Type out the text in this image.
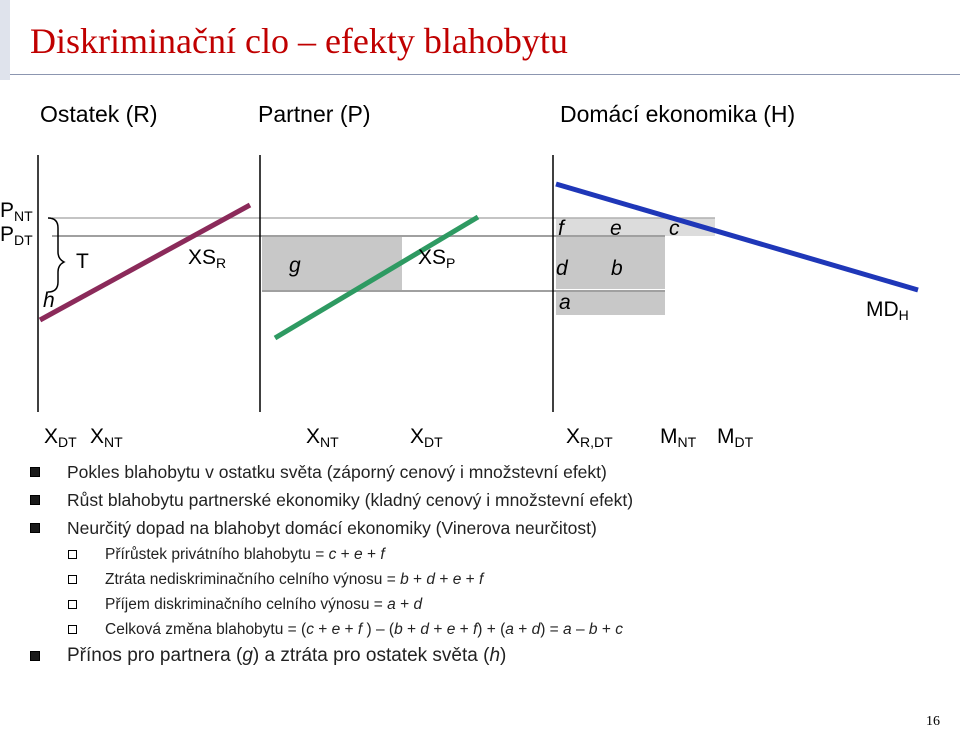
Diskriminační clo – efekty blahobytu
Ostatek (R)	Partner (P)	Domácí ekonomika (H)
$P_{NT}$
$P_{DT}$
T
h
$XS_R$	g	$XS_P$
f e c
d b
a	$MD_H$
$X_{DT}$ $X_{NT}$	$X_{NT}$	$X_{DT}$	$X_{R,DT}$ $M_{NT}$ $M_{DT}$
Pokles blahobytu v ostatku světa (záporný cenový i množstevní efekt)
Růst blahobytu partnerské ekonomiky (kladný cenový i množstevní efekt)
Neurčitý dopad na blahobyt domácí ekonomiky (Vinerova neurčitost)
Přírůstek privátního blahobytu = c + e + f
Ztráta nediskriminačního celního výnosu = b + d + e + f
Příjem diskriminačního celního výnosu = a + d
Celková změna blahobytu = (c + e + f ) – (b + d + e + f) + (a + d) = a – b + c
Přínos pro partnera (g) a ztráta pro ostatek světa (h)
16
